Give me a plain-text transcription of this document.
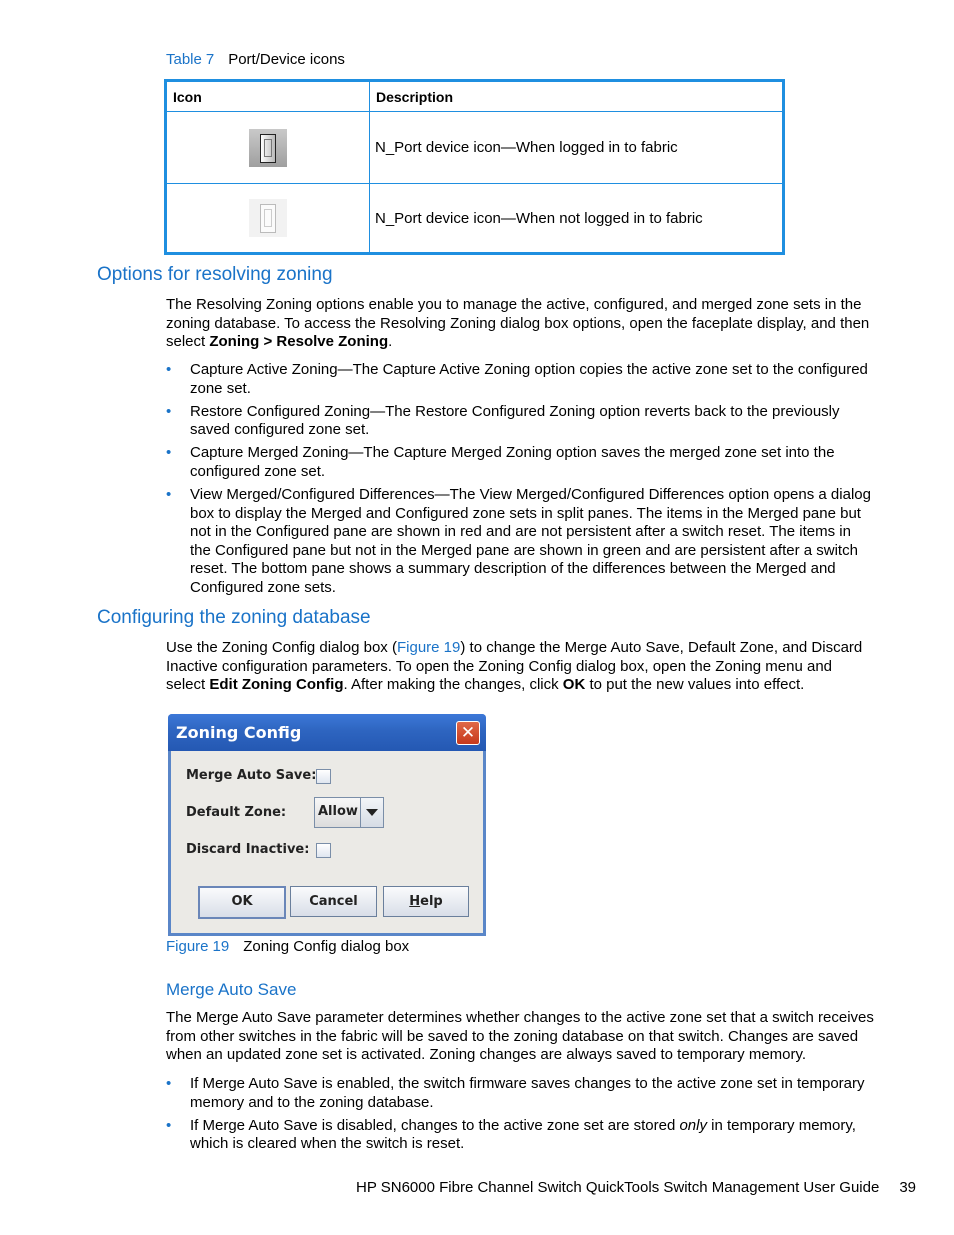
Table 7 Port/Device icons
Icon	Description

	N_Port device icon—When logged in to fabric

	N_Port device icon—When not logged in to fabric
Options for resolving zoning
The Resolving Zoning options enable you to manage the active, configured, and merged zone sets in the zoning database. To access the Resolving Zoning dialog box options, open the faceplate display, and then select Zoning > Resolve Zoning.
• Capture Active Zoning—The Capture Active Zoning option copies the active zone set to the configured zone set.
• Restore Configured Zoning—The Restore Configured Zoning option reverts back to the previously saved configured zone set.
• Capture Merged Zoning—The Capture Merged Zoning option saves the merged zone set into the configured zone set.
• View Merged/Configured Differences—The View Merged/Configured Differences option opens a dialog box to display the Merged and Configured zone sets in split panes. The items in the Merged pane but not in the Configured pane are shown in red and are not persistent after a switch reset. The items in the Configured pane but not in the Merged pane are shown in green and are persistent after a switch reset. The bottom pane shows a summary description of the differences between the Merged and Configured zone sets.
Configuring the zoning database
Use the Zoning Config dialog box (Figure 19) to change the Merge Auto Save, Default Zone, and Discard Inactive configuration parameters. To open the Zoning Config dialog box, open the Zoning menu and select Edit Zoning Config. After making the changes, click OK to put the new values into effect.
Zoning Config	✕
Merge Auto Save:
Default Zone: Allow
Discard Inactive:
OK	Cancel	Help
Figure 19 Zoning Config dialog box
Merge Auto Save
The Merge Auto Save parameter determines whether changes to the active zone set that a switch receives from other switches in the fabric will be saved to the zoning database on that switch. Changes are saved when an updated zone set is activated. Zoning changes are always saved to temporary memory.
• If Merge Auto Save is enabled, the switch firmware saves changes to the active zone set in temporary memory and to the zoning database.
• If Merge Auto Save is disabled, changes to the active zone set are stored only in temporary memory, which is cleared when the switch is reset.
HP SN6000 Fibre Channel Switch QuickTools Switch Management User Guide 39
